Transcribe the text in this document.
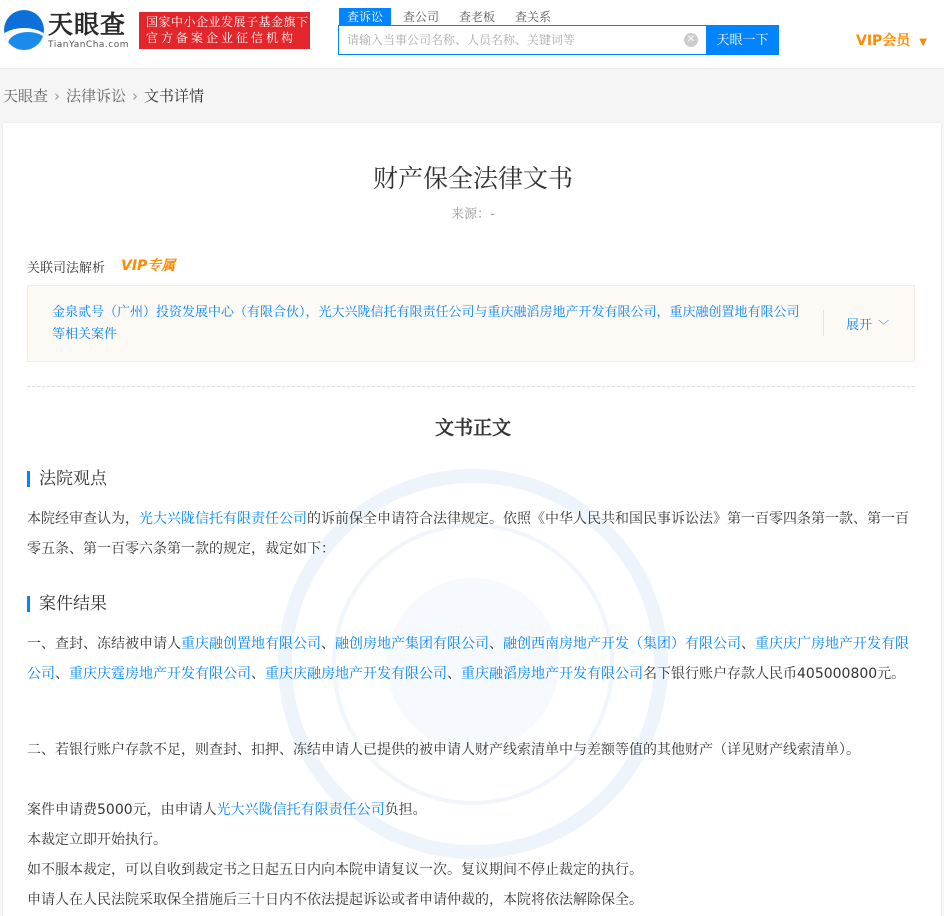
天眼查
TianYanCha.com
国家中小企业发展子基金旗下
官方备案企业征信机构
查诉讼 查公司 查老板 查关系
请输入当事公司名称、人员名称、关键词等
✕	天眼一下	VIP会员 ▼
天眼查 › 法律诉讼 › 文书详情
财产保全法律文书
来源：-
关联司法解析 VIP专属
金泉贰号（广州）投资发展中心（有限合伙），光大兴陇信托有限责任公司与重庆融滔房地产开发有限公司，重庆融创置地有限公司等相关案件
展开 ﹀
文书正文
法院观点
本院经审查认为，光大兴陇信托有限责任公司的诉前保全申请符合法律规定。依照《中华人民共和国民事诉讼法》第一百零四条第一款、第一百零五条、第一百零六条第一款的规定，裁定如下：
案件结果
一、查封、冻结被申请人重庆融创置地有限公司、融创房地产集团有限公司、融创西南房地产开发（集团）有限公司、重庆庆广房地产开发有限公司、重庆庆霆房地产开发有限公司、重庆庆融房地产开发有限公司、重庆融滔房地产开发有限公司名下银行账户存款人民币405000800元。
二、若银行账户存款不足，则查封、扣押、冻结申请人已提供的被申请人财产线索清单中与差额等值的其他财产（详见财产线索清单）。
案件申请费5000元，由申请人光大兴陇信托有限责任公司负担。
本裁定立即开始执行。
如不服本裁定，可以自收到裁定书之日起五日内向本院申请复议一次。复议期间不停止裁定的执行。
申请人在人民法院采取保全措施后三十日内不依法提起诉讼或者申请仲裁的，本院将依法解除保全。
